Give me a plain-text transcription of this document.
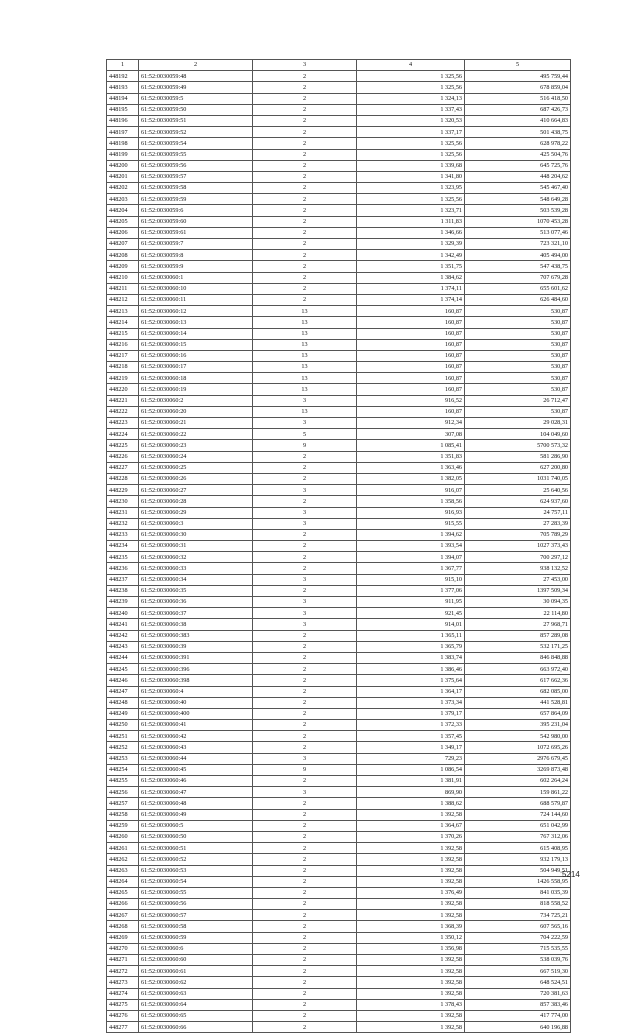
1	2	3	4	5
448192	61:52:0030059:48	2	1 325,56	495 759,44
448193	61:52:0030059:49	2	1 325,56	678 859,04
448194	61:52:0030059:5	2	1 324,13	516 418,50
448195	61:52:0030059:50	2	1 337,43	687 426,73
448196	61:52:0030059:51	2	1 320,53	410 664,83
448197	61:52:0030059:52	2	1 337,17	501 438,75
448198	61:52:0030059:54	2	1 325,56	628 978,22
448199	61:52:0030059:55	2	1 325,56	425 504,76
448200	61:52:0030059:56	2	1 339,68	645 725,76
448201	61:52:0030059:57	2	1 341,80	448 204,62
448202	61:52:0030059:58	2	1 323,95	545 467,40
448203	61:52:0030059:59	2	1 325,56	548 649,28
448204	61:52:0030059:6	2	1 323,71	503 539,28
448205	61:52:0030059:60	2	1 311,83	1070 453,28
448206	61:52:0030059:61	2	1 346,66	513 077,46
448207	61:52:0030059:7	2	1 329,39	723 321,10
448208	61:52:0030059:8	2	1 342,49	405 494,00
448209	61:52:0030059:9	2	1 351,75	547 438,75
448210	61:52:0030060:1	2	1 384,62	707 679,28
448211	61:52:0030060:10	2	1 374,11	655 601,62
448212	61:52:0030060:11	2	1 374,14	626 484,60
448213	61:52:0030060:12	13	160,87	530,87
448214	61:52:0030060:13	13	160,87	530,87
448215	61:52:0030060:14	13	160,87	530,87
448216	61:52:0030060:15	13	160,87	530,87
448217	61:52:0030060:16	13	160,87	530,87
448218	61:52:0030060:17	13	160,87	530,87
448219	61:52:0030060:18	13	160,87	530,87
448220	61:52:0030060:19	13	160,87	530,87
448221	61:52:0030060:2	3	916,52	26 712,47
448222	61:52:0030060:20	13	160,87	530,87
448223	61:52:0030060:21	3	912,34	29 028,31
448224	61:52:0030060:22	5	307,08	104 049,60
448225	61:52:0030060:23	9	1 085,41	5700 573,32
448226	61:52:0030060:24	2	1 351,83	581 286,90
448227	61:52:0030060:25	2	1 363,46	627 200,80
448228	61:52:0030060:26	2	1 382,05	1031 740,05
448229	61:52:0030060:27	3	916,07	25 640,56
448230	61:52:0030060:28	2	1 358,56	624 937,60
448231	61:52:0030060:29	3	916,93	24 757,11
448232	61:52:0030060:3	3	915,55	27 283,39
448233	61:52:0030060:30	2	1 394,62	705 789,29
448234	61:52:0030060:31	2	1 393,54	1027 373,43
448235	61:52:0030060:32	2	1 394,07	700 297,12
448236	61:52:0030060:33	2	1 367,77	938 132,52
448237	61:52:0030060:34	3	915,10	27 453,00
448238	61:52:0030060:35	2	1 377,06	1397 509,34
448239	61:52:0030060:36	3	911,95	30 094,35
448240	61:52:0030060:37	3	921,45	22 114,80
448241	61:52:0030060:38	3	914,01	27 968,71
448242	61:52:0030060:383	2	1 365,11	857 289,08
448243	61:52:0030060:39	2	1 365,79	532 171,25
448244	61:52:0030060:391	2	1 383,74	846 848,88
448245	61:52:0030060:396	2	1 386,46	663 972,40
448246	61:52:0030060:398	2	1 375,64	617 662,36
448247	61:52:0030060:4	2	1 364,17	682 085,00
448248	61:52:0030060:40	2	1 373,34	441 528,81
448249	61:52:0030060:400	2	1 379,17	657 864,09
448250	61:52:0030060:41	2	1 372,33	395 231,04
448251	61:52:0030060:42	2	1 357,45	542 980,00
448252	61:52:0030060:43	2	1 349,17	1072 695,26
448253	61:52:0030060:44	3	729,23	2976 679,45
448254	61:52:0030060:45	9	1 086,54	3269 873,48
448255	61:52:0030060:46	2	1 381,91	602 264,24
448256	61:52:0030060:47	3	869,90	159 861,22
448257	61:52:0030060:48	2	1 388,62	688 579,87
448258	61:52:0030060:49	2	1 392,58	724 144,60
448259	61:52:0030060:5	2	1 364,67	651 042,99
448260	61:52:0030060:50	2	1 370,26	767 312,06
448261	61:52:0030060:51	2	1 392,58	615 408,95
448262	61:52:0030060:52	2	1 392,58	932 179,13
448263	61:52:0030060:53	2	1 392,58	504 949,51
448264	61:52:0030060:54	2	1 392,58	1426 558,95
448265	61:52:0030060:55	2	1 376,49	841 035,39
448266	61:52:0030060:56	2	1 392,58	818 558,52
448267	61:52:0030060:57	2	1 392,58	734 725,21
448268	61:52:0030060:58	2	1 368,39	607 565,16
448269	61:52:0030060:59	2	1 350,12	704 222,59
448270	61:52:0030060:6	2	1 356,98	715 535,55
448271	61:52:0030060:60	2	1 392,58	538 039,76
448272	61:52:0030060:61	2	1 392,58	667 519,30
448273	61:52:0030060:62	2	1 392,58	648 524,51
448274	61:52:0030060:63	2	1 392,58	720 381,63
448275	61:52:0030060:64	2	1 378,43	857 383,46
448276	61:52:0030060:65	2	1 392,58	417 774,00
448277	61:52:0030060:66	2	1 392,58	640 196,88
5214
